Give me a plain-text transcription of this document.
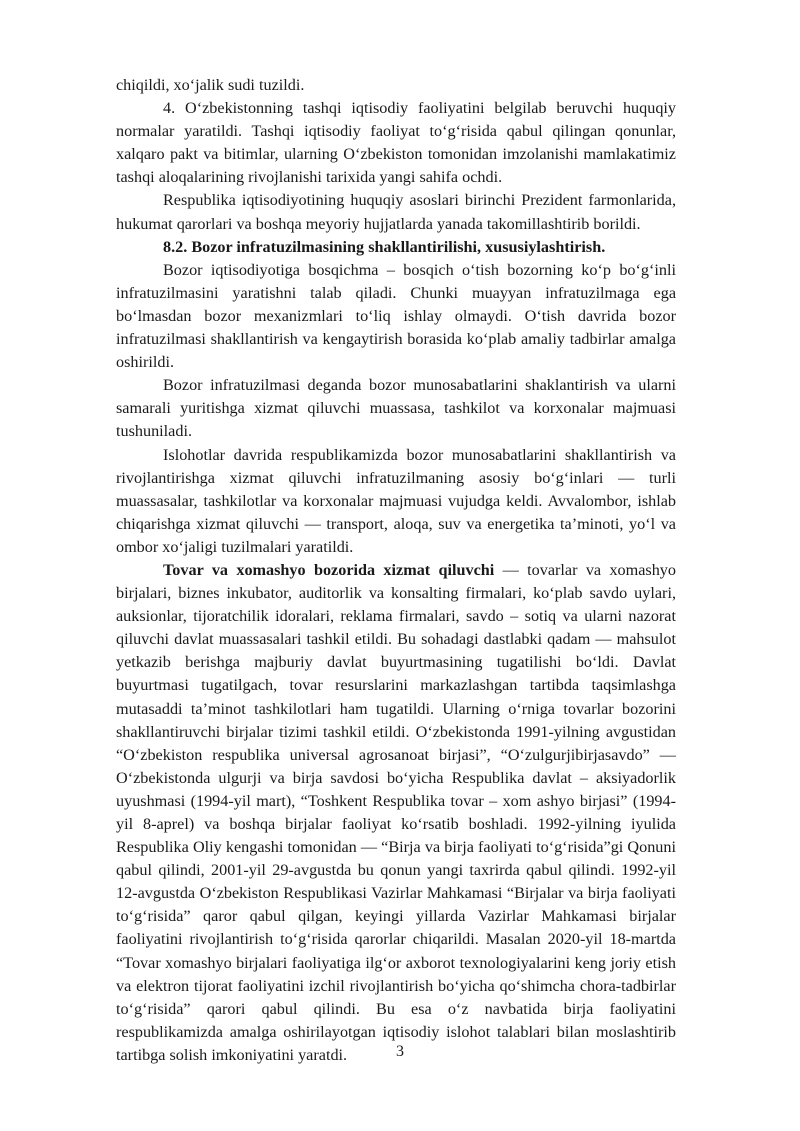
chiqildi, xo‘jalik sudi tuzildi.

4. O‘zbekistonning tashqi iqtisodiy faoliyatini belgilab beruvchi huquqiy normalar yaratildi. Tashqi iqtisodiy faoliyat to‘g‘risida qabul qilingan qonunlar, xalqaro pakt va bitimlar, ularning O‘zbekiston tomonidan imzolanishi mamlakatimiz tashqi aloqalarining rivojlanishi tarixida yangi sahifa ochdi.

Respublika iqtisodiyotining huquqiy asoslari birinchi Prezident farmonlarida, hukumat qarorlari va boshqa meyoriy hujjatlarda yanada takomillashtirib borildi.

8.2. Bozor infratuzilmasining shakllantirilishi, xususiylashtirish.

Bozor iqtisodiyotiga bosqichma – bosqich o‘tish bozorning ko‘p bo‘g‘inli infratuzilmasini yaratishni talab qiladi. Chunki muayyan infratuzilmaga ega bo‘lmasdan bozor mexanizmlari to‘liq ishlay olmaydi. O‘tish davrida bozor infratuzilmasi shakllantirish va kengaytirish borasida ko‘plab amaliy tadbirlar amalga oshirildi.

Bozor infratuzilmasi deganda bozor munosabatlarini shaklantirish va ularni samarali yuritishga xizmat qiluvchi muassasa, tashkilot va korxonalar majmuasi tushuniladi.

Islohotlar davrida respublikamizda bozor munosabatlarini shakllantirish va rivojlantirishga xizmat qiluvchi infratuzilmaning asosiy bo‘g‘inlari — turli muassasalar, tashkilotlar va korxonalar majmuasi vujudga keldi. Avvalombor, ishlab chiqarishga xizmat qiluvchi — transport, aloqa, suv va energetika ta’minoti, yo‘l va ombor xo‘jaligi tuzilmalari yaratildi.

Tovar va xomashyo bozorida xizmat qiluvchi — tovarlar va xomashyo birjalari, biznes inkubator, auditorlik va konsalting firmalari, ko‘plab savdo uylari, auksionlar, tijoratchilik idoralari, reklama firmalari, savdo – sotiq va ularni nazorat qiluvchi davlat muassasalari tashkil etildi. Bu sohadagi dastlabki qadam — mahsulot yetkazib berishga majburiy davlat buyurtmasining tugatilishi bo‘ldi. Davlat buyurtmasi tugatilgach, tovar resurslarini markazlashgan tartibda taqsimlashga mutasaddi ta’minot tashkilotlari ham tugatildi. Ularning o‘rniga tovarlar bozorini shakllantiruvchi birjalar tizimi tashkil etildi. O‘zbekistonda 1991-yilning avgustidan “O‘zbekiston respublika universal agrosanoat birjasi”, “O‘zulgurjibirjasavdo” — O‘zbekistonda ulgurji va birja savdosi bo‘yicha Respublika davlat – aksiyadorlik uyushmasi (1994-yil mart), “Toshkent Respublika tovar – xom ashyo birjasi” (1994-yil 8-aprel) va boshqa birjalar faoliyat ko‘rsatib boshladi. 1992-yilning iyulida Respublika Oliy kengashi tomonidan — “Birja va birja faoliyati to‘g‘risida”gi Qonuni qabul qilindi, 2001-yil 29-avgustda bu qonun yangi taxrirda qabul qilindi. 1992-yil 12-avgustda O‘zbekiston Respublikasi Vazirlar Mahkamasi “Birjalar va birja faoliyati to‘g‘risida” qaror qabul qilgan, keyingi yillarda Vazirlar Mahkamasi birjalar faoliyatini rivojlantirish to‘g‘risida qarorlar chiqarildi. Masalan 2020-yil 18-martda “Tovar xomashyo birjalari faoliyatiga ilg‘or axborot texnologiyalarini keng joriy etish va elektron tijorat faoliyatini izchil rivojlantirish bo‘yicha qo‘shimcha chora-tadbirlar to‘g‘risida” qarori qabul qilindi. Bu esa o‘z navbatida birja faoliyatini respublikamizda amalga oshirilayotgan iqtisodiy islohot talablari bilan moslashtirib tartibga solish imkoniyatini yaratdi.	3
